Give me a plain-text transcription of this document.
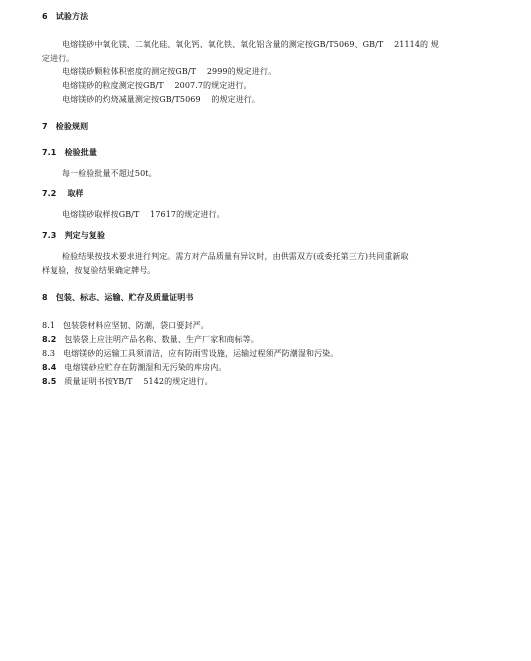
6　试验方法
电熔镁砂中氧化镁、二氧化硅、氧化钙、氧化铁、氧化铝含量的测定按GB/T5069、GB/T　 21114的 规
定进行。
电熔镁砂颗粒体积密度的测定按GB/T　 2999的规定进行。
电熔镁砂的粒度测定按GB/T　 2007.7的规定进行。
电熔镁砂的灼烧减量测定按GB/T5069　 的规定进行。
7　检验规则
7.1　检验批量
每一检验批量不超过50t。
7.2　 取样
电熔镁砂取样按GB/T　 17617的规定进行。
7.3　判定与复验
检验结果按技术要求进行判定。需方对产品质量有异议时，由供需双方(或委托第三方)共同重新取
样复验，按复验结果确定牌号。
8　包装、标志、运输、贮存及质量证明书
8.1 包装袋材料应坚韧、防潮，袋口要封严。
8.2 包装袋上应注明产品名称、数量、生产厂家和商标等。
8.3 电熔镁砂的运输工具须清洁，应有防雨雪设施，运输过程须严防潮湿和污染。
8.4 电熔镁砂应贮存在防潮湿和无污染的库房内。
8.5 质量证明书按YB/T　 5142的规定进行。
